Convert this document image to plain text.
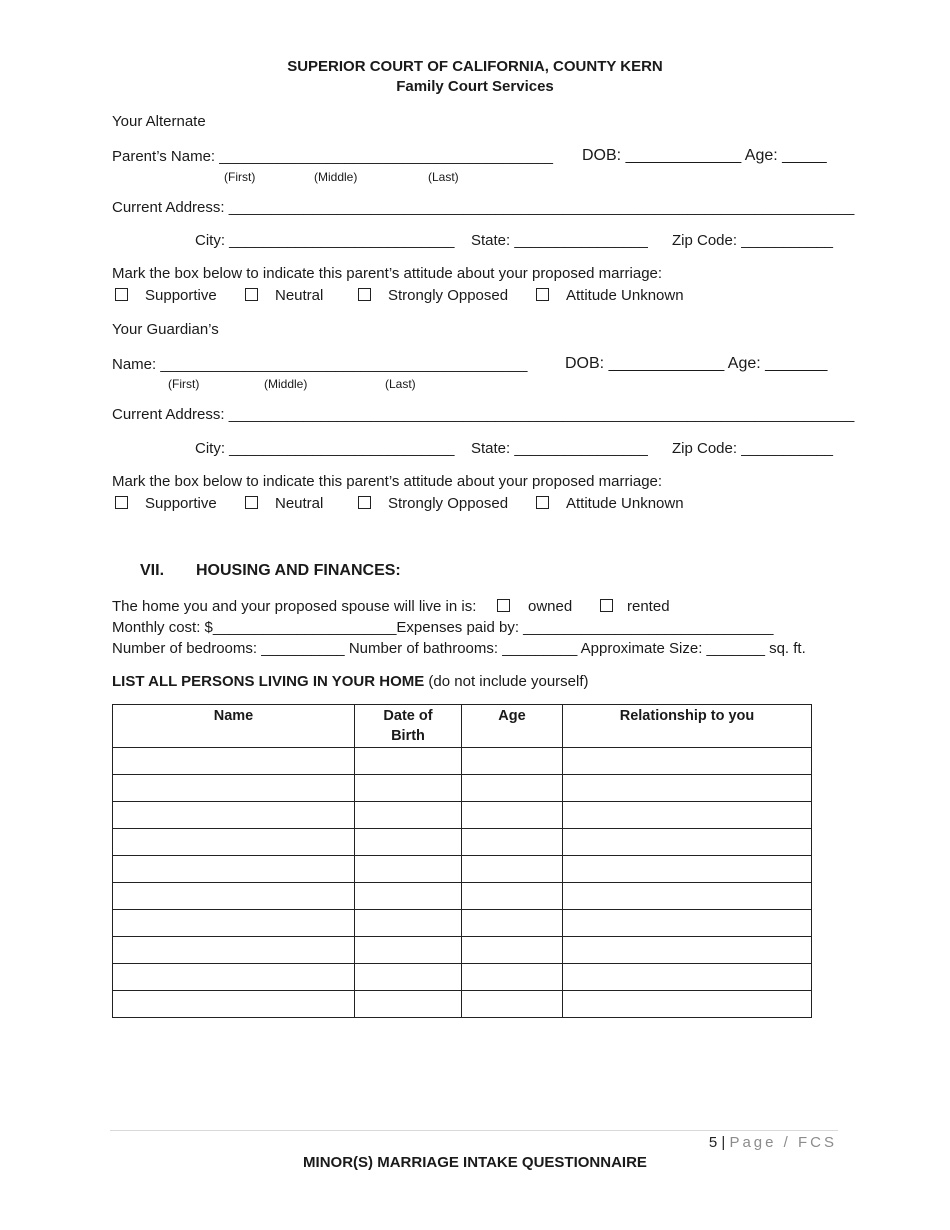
SUPERIOR COURT OF CALIFORNIA, COUNTY KERN
Family Court Services
Your Alternate
Parent’s Name: ________________________________________ DOB: _____________ Age: _____
(First)	(Middle)	(Last)
Current Address: ___________________________________________________________________________
City: ___________________________ State: ________________ Zip Code: ___________
Mark the box below to indicate this parent’s attitude about your proposed marriage:
Supportive	Neutral	Strongly Opposed	Attitude Unknown
Your Guardian’s
Name: ____________________________________________ DOB: _____________ Age: _______
(First)	(Middle)	(Last)
Current Address: ___________________________________________________________________________
City: ___________________________ State: ________________ Zip Code: ___________
Mark the box below to indicate this parent’s attitude about your proposed marriage:
Supportive	Neutral	Strongly Opposed	Attitude Unknown
VII. HOUSING AND FINANCES:
The home you and your proposed spouse will live in is:	owned	rented
Monthly cost: $______________________Expenses paid by: ______________________________
Number of bedrooms: __________ Number of bathrooms: _________ Approximate Size: _______ sq. ft.
LIST ALL PERSONS LIVING IN YOUR HOME (do not include yourself)
Name	Date of Birth	Age	Relationship to you

5 | Page / FCS
MINOR(S) MARRIAGE INTAKE QUESTIONNAIRE
